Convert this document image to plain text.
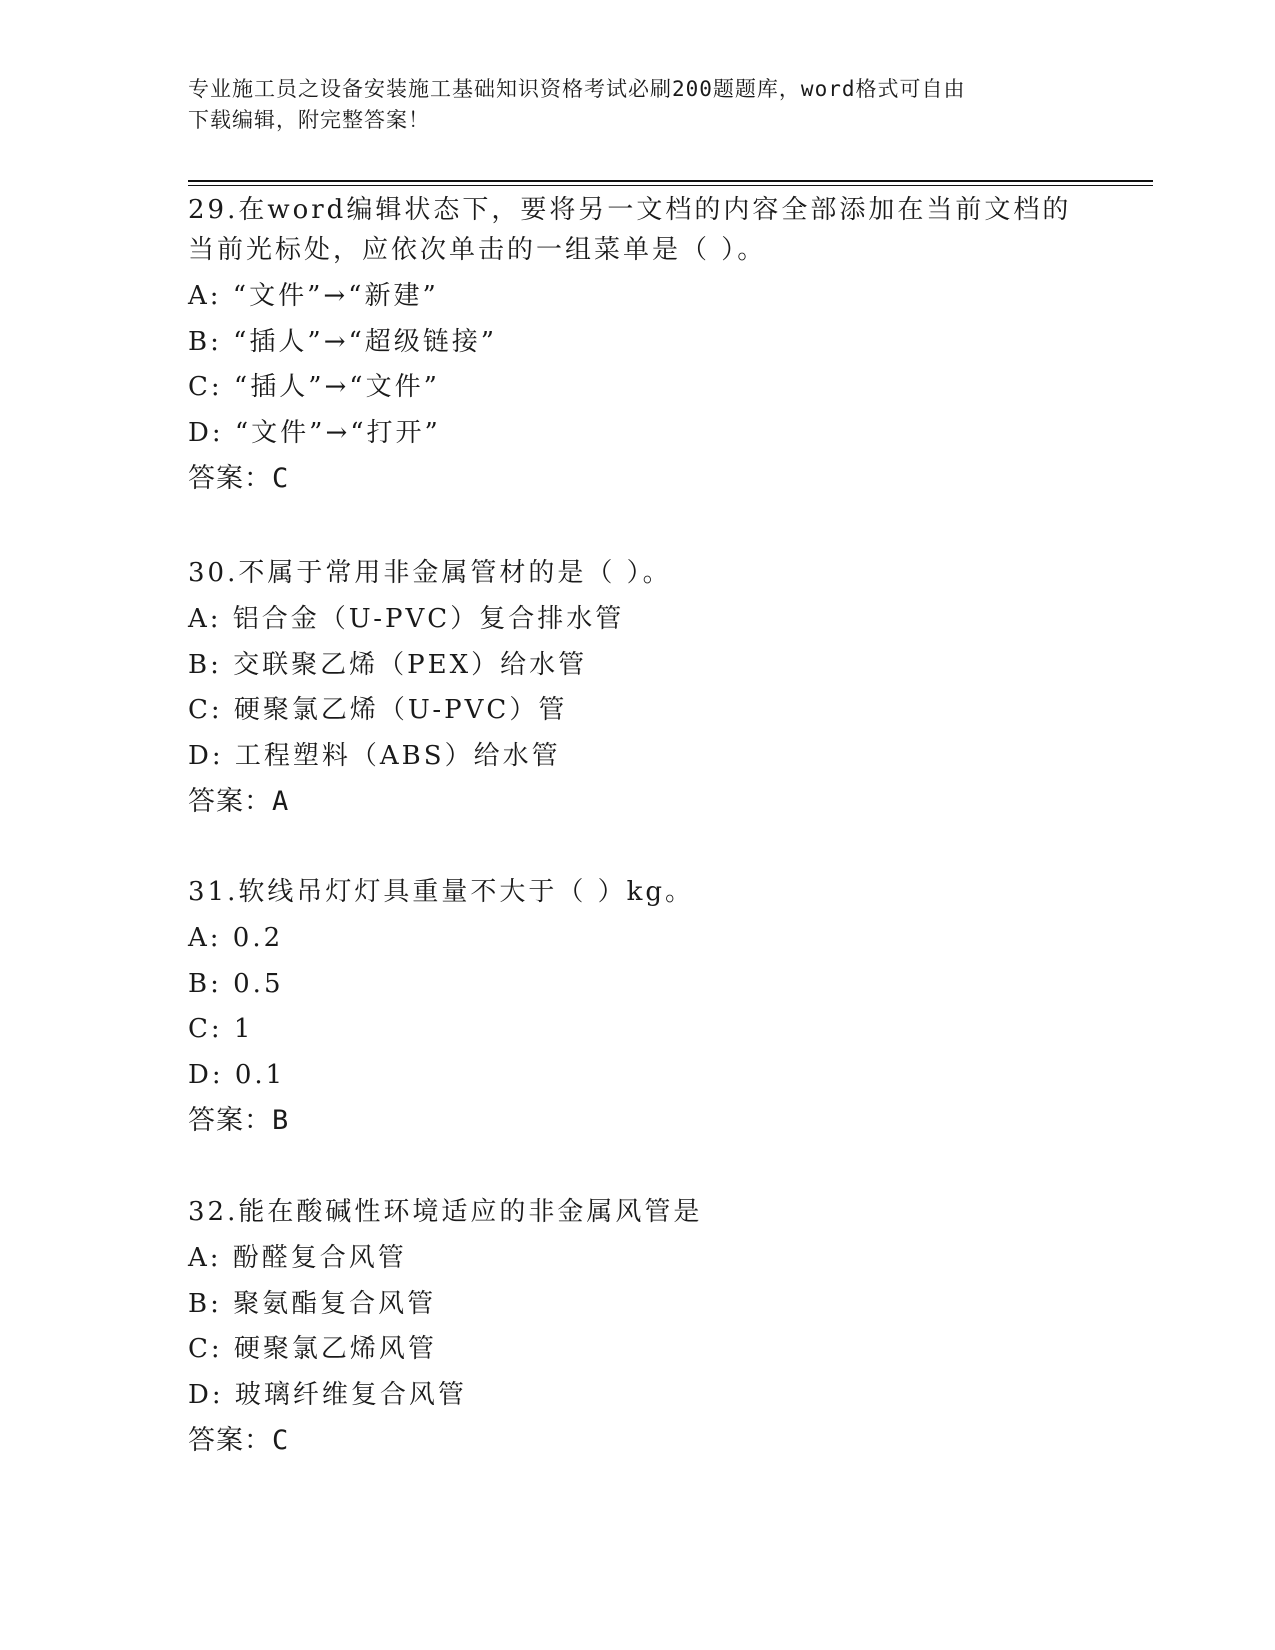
专业施工员之设备安装施工基础知识资格考试必刷200题题库，word格式可自由
下载编辑，附完整答案！
29.在word编辑状态下，要将另一文档的内容全部添加在当前文档的
当前光标处，应依次单击的一组菜单是（ ）。
A: “文件”→“新建”
B: “插人”→“超级链接”
C: “插人”→“文件”
D: “文件”→“打开”
答案：C
30.不属于常用非金属管材的是（ ）。
A: 铝合金（U-PVC）复合排水管
B: 交联聚乙烯（PEX）给水管
C: 硬聚氯乙烯（U-PVC）管
D: 工程塑料（ABS）给水管
答案：A
31.软线吊灯灯具重量不大于（ ）kg。
A: 0.2
B: 0.5
C: 1
D: 0.1
答案：B
32.能在酸碱性环境适应的非金属风管是
A: 酚醛复合风管
B: 聚氨酯复合风管
C: 硬聚氯乙烯风管
D: 玻璃纤维复合风管
答案：C
